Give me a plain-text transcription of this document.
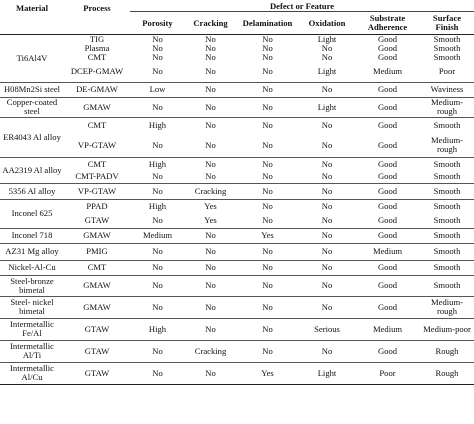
Material	Process	Defect or Feature					
		Porosity	Cracking	Delamination	Oxidation	Substrate Adherence	Surface Finish
Ti6Al4V	TIG	No	No	No	Light	Good	Smooth
	Plasma	No	No	No	No	Good	Smooth
	CMT	No	No	No	No	Good	Smooth
	DCEP-GMAW	No	No	No	Light	Medium	Poor
H08Mn2Si steel	DE-GMAW	Low	No	No	No	Good	Waviness
Copper-coated steel	GMAW	No	No	No	Light	Good	Medium-rough
ER4043 Al alloy	CMT	High	No	No	No	Good	Smooth
	VP-GTAW	No	No	No	No	Good	Medium-rough
AA2319 Al alloy	CMT	High	No	No	No	Good	Smooth
	CMT-PADV	No	No	No	No	Good	Smooth
5356 Al alloy	VP-GTAW	No	Cracking	No	No	Good	Smooth
Inconel 625	PPAD	High	Yes	No	No	Good	Smooth
	GTAW	No	Yes	No	No	Good	Smooth
Inconel 718	GMAW	Medium	No	Yes	No	Good	Smooth
AZ31 Mg alloy	PMIG	No	No	No	No	Medium	Smooth
Nickel-Al-Cu	CMT	No	No	No	No	Good	Smooth
Steel-bronze bimetal	GMAW	No	No	No	No	Good	Smooth
Steel- nickel bimetal	GMAW	No	No	No	No	Good	Medium-rough
Intermetallic Fe/Al	GTAW	High	No	No	Serious	Medium	Medium-poor
Intermetallic Al/Ti	GTAW	No	Cracking	No	No	Good	Rough
Intermetallic Al/Cu	GTAW	No	No	Yes	Light	Poor	Rough
